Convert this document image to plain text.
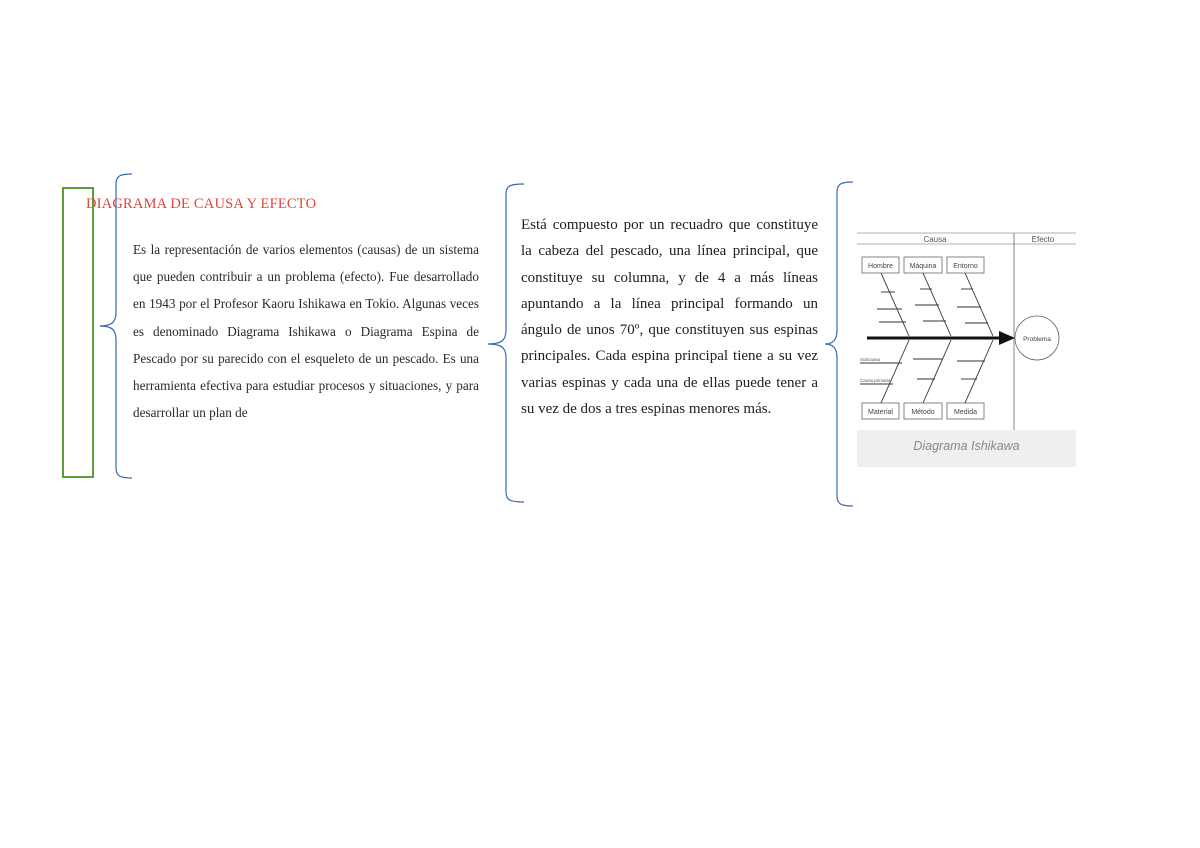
DIAGRAMA DE CAUSA Y EFECTO
Es la representación de varios elementos (causas) de un sistema que pueden contribuir a un problema (efecto). Fue desarrollado en 1943 por el Profesor Kaoru Ishikawa en Tokio. Algunas veces es denominado Diagrama Ishikawa o Diagrama Espina de Pescado por su parecido con el esqueleto de un pescado. Es una herramienta efectiva para estudiar procesos y situaciones, y para desarrollar un plan de
Está compuesto por un recuadro que constituye la cabeza del pescado, una línea principal, que constituye su columna, y de 4 a más líneas apuntando a la línea principal formando un ángulo de unos 70º, que constituyen sus espinas principales. Cada espina principal tiene a su vez varias espinas y cada una de ellas puede tener a su vez de dos a tres espinas menores más.
Causa	Efecto
Hombre Máquina Entorno
Material	Método	Medida
Problema
Subcausa
Causa primaria
Diagrama Ishikawa
